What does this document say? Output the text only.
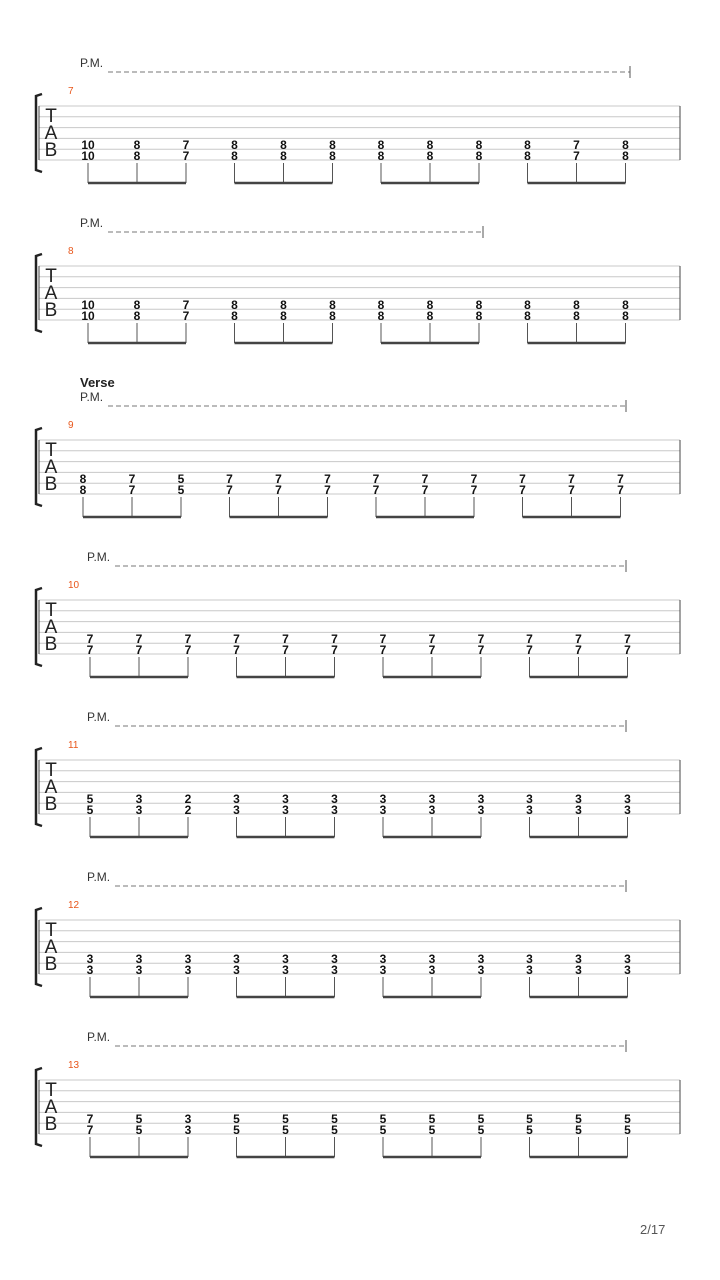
T
A
B
7
P.M.
10
10
8
8
7
7
8
8
8
8
8
8
8
8
8
8
8
8
8
8
7
7
8
8
T
A
B
8
P.M.
10
10
8
8
7
7
8
8
8
8
8
8
8
8
8
8
8
8
8
8
8
8
8
8
T
A
B
Verse
9
P.M.
8
8
7
7
5
5
7
7
7
7
7
7
7
7
7
7
7
7
7
7
7
7
7
7
T
A
B
10
P.M.
7
7
7
7
7
7
7
7
7
7
7
7
7
7
7
7
7
7
7
7
7
7
7
7
T
A
B
11
P.M.
5
5
3
3
2
2
3
3
3
3
3
3
3
3
3
3
3
3
3
3
3
3
3
3
T
A
B
12
P.M.
3
3
3
3
3
3
3
3
3
3
3
3
3
3
3
3
3
3
3
3
3
3
3
3
T
A
B
13
P.M.
7
7
5
5
3
3
5
5
5
5
5
5
5
5
5
5
5
5
5
5
5
5
5
5
2/17
